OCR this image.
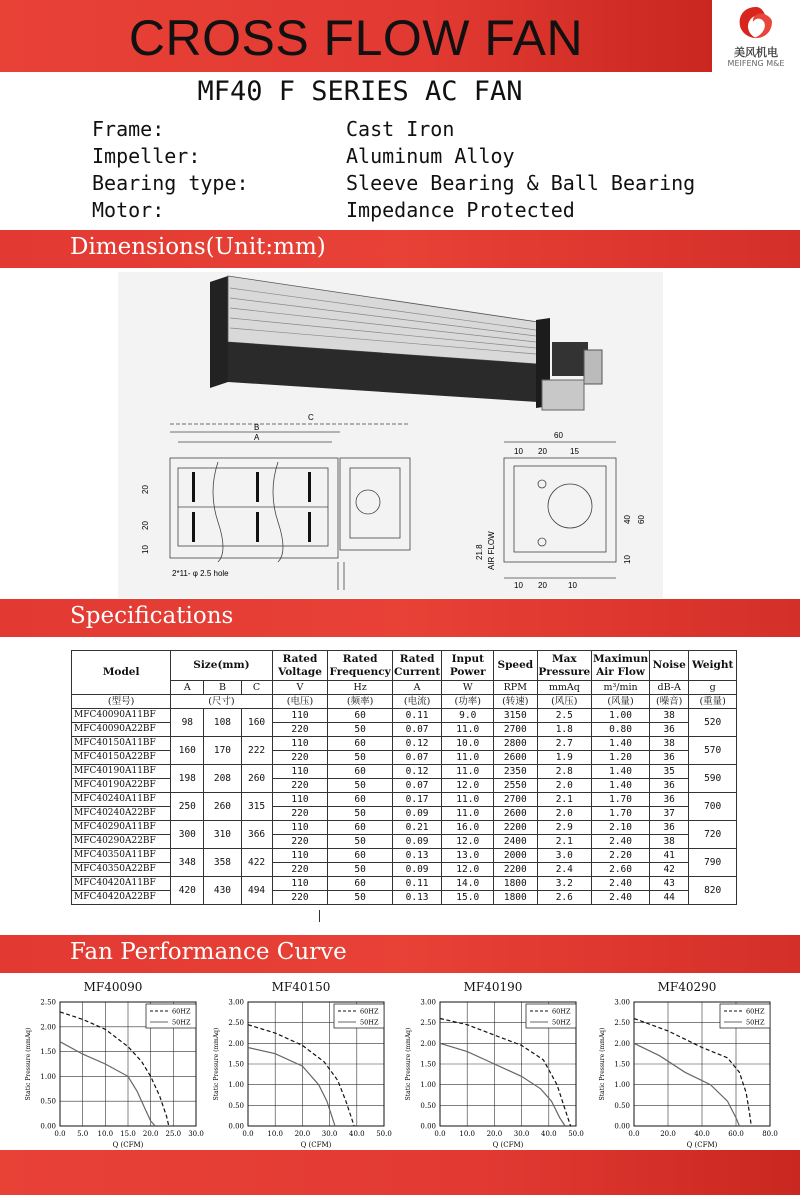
CROSS FLOW FAN	美风机电
MEIFENG M&E
MF40 F SERIES AC FAN
Frame:	Cast Iron
Impeller:	Aluminum Alloy
Bearing type:	Sleeve Bearing & Ball Bearing
Motor:	Impedance Protected
Dimensions(Unit:mm)
C
B
A
20
20
10
2*11- φ 2.5 hole
60
10 20	15
40 60
10
21.8 AIR FLOW
10 20	10
Specifications
Model	Size(mm)			Rated Voltage	Rated Frequency	Rated Current	Input Power	Speed	Max Pressure	Maximun Air Flow	Noise	Weight
	A	B	C	V	Hz	A	W	RPM	mmAq	m³/min	dB-A	g
(型号)	(尺寸)			(电压)	(频率)	(电流)	(功率)	(转速)	(风压)	(风量)	(噪音)	(重量)
MFC40090A11BF	98	108	160	110	60	0.11	9.0	3150	2.5	1.00	38	520
MFC40090A22BF				220	50	0.07	11.0	2700	1.8	0.80	36	
MFC40150A11BF	160	170	222	110	60	0.12	10.0	2800	2.7	1.40	38	570
MFC40150A22BF				220	50	0.07	11.0	2600	1.9	1.20	36	
MFC40190A11BF	198	208	260	110	60	0.12	11.0	2350	2.8	1.40	35	590
MFC40190A22BF				220	50	0.07	12.0	2550	2.0	1.40	36	
MFC40240A11BF	250	260	315	110	60	0.17	11.0	2700	2.1	1.70	36	700
MFC40240A22BF				220	50	0.09	11.0	2600	2.0	1.70	37	
MFC40290A11BF	300	310	366	110	60	0.21	16.0	2200	2.9	2.10	36	720
MFC40290A22BF				220	50	0.09	12.0	2400	2.1	2.40	38	
MFC40350A11BF	348	358	422	110	60	0.13	13.0	2000	3.0	2.20	41	790
MFC40350A22BF				220	50	0.09	12.0	2200	2.4	2.60	42	
MFC40420A11BF	420	430	494	110	60	0.11	14.0	1800	3.2	2.40	43	820
MFC40420A22BF				220	50	0.13	15.0	1800	2.6	2.40	44	
Fan Performance Curve
MF40090
0.0 5.0 10.0 15.0 20.0 25.0 30.0
0.00
0.50
1.00
1.50
2.00
2.50
Q (CFM)
Static Pressure (mmAq)
60HZ
50HZ
MF40150
0.0 10.0 20.0 30.0 40.0 50.0
0.00
0.50
1.00
1.50
2.00
2.50
3.00
Q (CFM)
Static Pressure (mmAq)
60HZ
50HZ
MF40190
0.0 10.0 20.0 30.0 40.0 50.0
0.00
0.50
1.00
1.50
2.00
2.50
3.00
Q (CFM)
Static Pressure (mmAq)
60HZ
50HZ
MF40290
0.0	20.0	40.0	60.0	80.0
0.00
0.50
1.00
1.50
2.00
2.50
3.00
Q (CFM)
Static Pressure (mmAq)
60HZ
50HZ
